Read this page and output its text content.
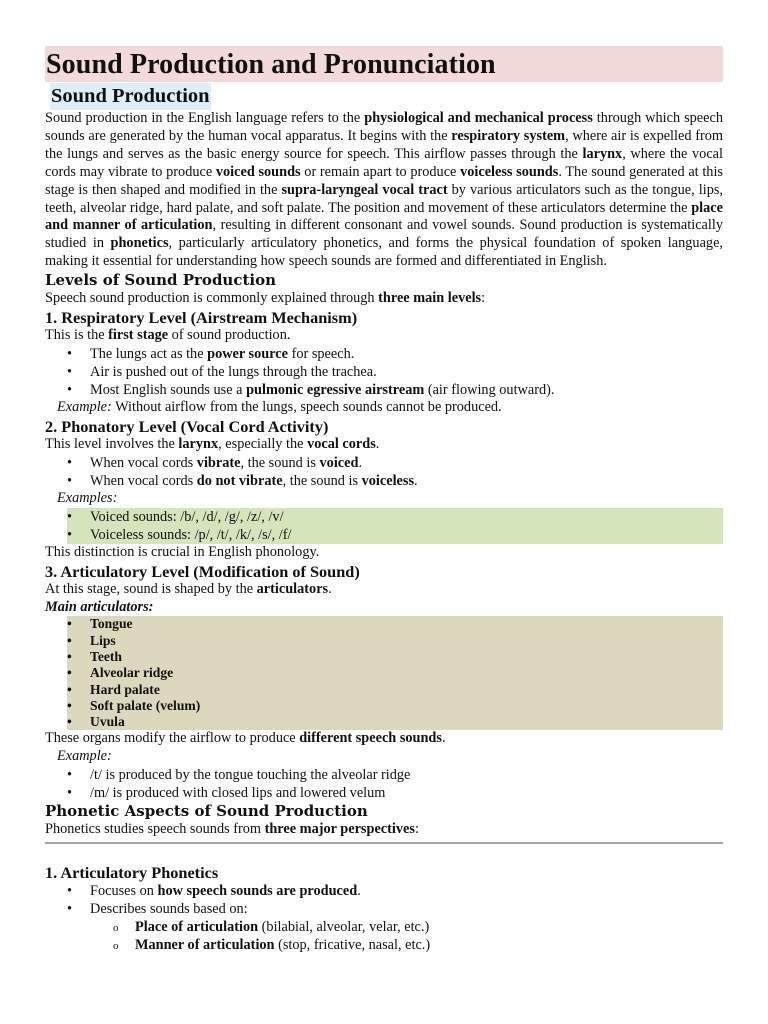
Sound Production and Pronunciation
Sound Production

Sound production in the English language refers to the physiological and mechanical process through which speech sounds are generated by the human vocal apparatus. It begins with the respiratory system, where air is expelled from the lungs and serves as the basic energy source for speech. This airflow passes through the larynx, where the vocal cords may vibrate to produce voiced sounds or remain apart to produce voiceless sounds. The sound generated at this stage is then shaped and modified in the supra-laryngeal vocal tract by various articulators such as the tongue, lips, teeth, alveolar ridge, hard palate, and soft palate. The position and movement of these articulators determine the place and manner of articulation, resulting in different consonant and vowel sounds. Sound production is systematically studied in phonetics, particularly articulatory phonetics, and forms the physical foundation of spoken language, making it essential for understanding how speech sounds are formed and differentiated in English.

Levels of Sound Production

Speech sound production is commonly explained through three main levels:

1. Respiratory Level (Airstream Mechanism)

This is the first stage of sound production.

• The lungs act as the power source for speech.
• Air is pushed out of the lungs through the trachea.
• Most English sounds use a pulmonic egressive airstream (air flowing outward).

Example: Without airflow from the lungs, speech sounds cannot be produced.

2. Phonatory Level (Vocal Cord Activity)

This level involves the larynx, especially the vocal cords.

• When vocal cords vibrate, the sound is voiced.
• When vocal cords do not vibrate, the sound is voiceless.

Examples:

• Voiced sounds: /b/, /d/, /g/, /z/, /v/
• Voiceless sounds: /p/, /t/, /k/, /s/, /f/

This distinction is crucial in English phonology.

3. Articulatory Level (Modification of Sound)

At this stage, sound is shaped by the articulators.

Main articulators:

• Tongue
• Lips
• Teeth
• Alveolar ridge
• Hard palate
• Soft palate (velum)
• Uvula

These organs modify the airflow to produce different speech sounds.

Example:

• /t/ is produced by the tongue touching the alveolar ridge
• /m/ is produced with closed lips and lowered velum
Phonetic Aspects of Sound Production

Phonetics studies speech sounds from three major perspectives:

1. Articulatory Phonetics
• Focuses on how speech sounds are produced.
• Describes sounds based on:
o Place of articulation (bilabial, alveolar, velar, etc.)
o Manner of articulation (stop, fricative, nasal, etc.)
